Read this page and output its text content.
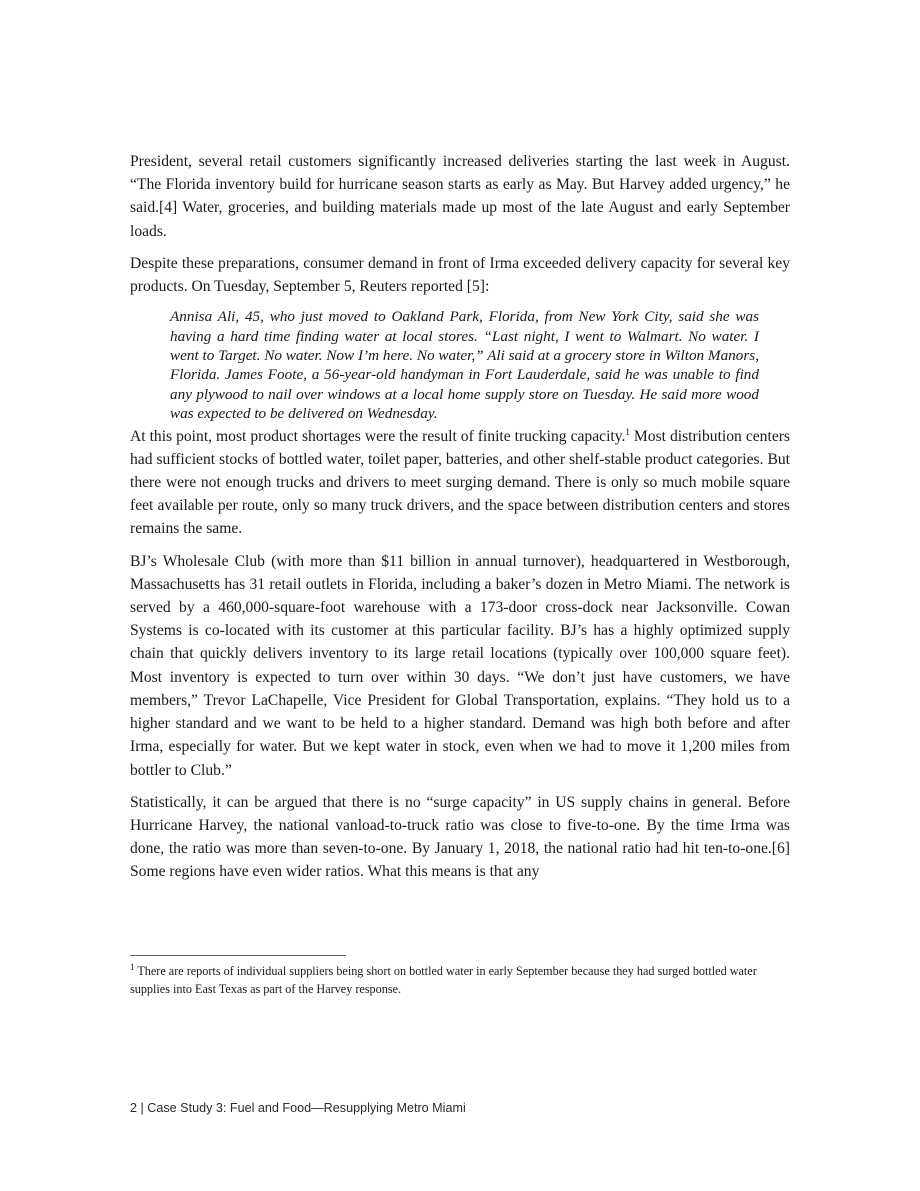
President, several retail customers significantly increased deliveries starting the last week in August. “The Florida inventory build for hurricane season starts as early as May. But Harvey added urgency,” he said.[4] Water, groceries, and building materials made up most of the late August and early September loads.

Despite these preparations, consumer demand in front of Irma exceeded delivery capacity for several key products. On Tuesday, September 5, Reuters reported [5]:

Annisa Ali, 45, who just moved to Oakland Park, Florida, from New York City, said she was having a hard time finding water at local stores. “Last night, I went to Walmart. No water. I went to Target. No water. Now I’m here. No water,” Ali said at a grocery store in Wilton Manors, Florida. James Foote, a 56-year-old handyman in Fort Lauderdale, said he was unable to find any plywood to nail over windows at a local home supply store on Tuesday. He said more wood was expected to be delivered on Wednesday.

At this point, most product shortages were the result of finite trucking capacity.$^1$ Most distribution centers had sufficient stocks of bottled water, toilet paper, batteries, and other shelf-stable product categories. But there were not enough trucks and drivers to meet surging demand. There is only so much mobile square feet available per route, only so many truck drivers, and the space between distribution centers and stores remains the same.

BJ’s Wholesale Club (with more than $11 billion in annual turnover), headquartered in Westborough, Massachusetts has 31 retail outlets in Florida, including a baker’s dozen in Metro Miami. The network is served by a 460,000-square-foot warehouse with a 173-door cross-dock near Jacksonville. Cowan Systems is co-located with its customer at this particular facility. BJ’s has a highly optimized supply chain that quickly delivers inventory to its large retail locations (typically over 100,000 square feet). Most inventory is expected to turn over within 30 days. “We don’t just have customers, we have members,” Trevor LaChapelle, Vice President for Global Transportation, explains. “They hold us to a higher standard and we want to be held to a higher standard. Demand was high both before and after Irma, especially for water. But we kept water in stock, even when we had to move it 1,200 miles from bottler to Club.”

Statistically, it can be argued that there is no “surge capacity” in US supply chains in general. Before Hurricane Harvey, the national vanload-to-truck ratio was close to five-to-one. By the time Irma was done, the ratio was more than seven-to-one. By January 1, 2018, the national ratio had hit ten-to-one.[6] Some regions have even wider ratios. What this means is that any

$^1$ There are reports of individual suppliers being short on bottled water in early September because they had surged bottled water supplies into East Texas as part of the Harvey response.
2 | Case Study 3: Fuel and Food—Resupplying Metro Miami
